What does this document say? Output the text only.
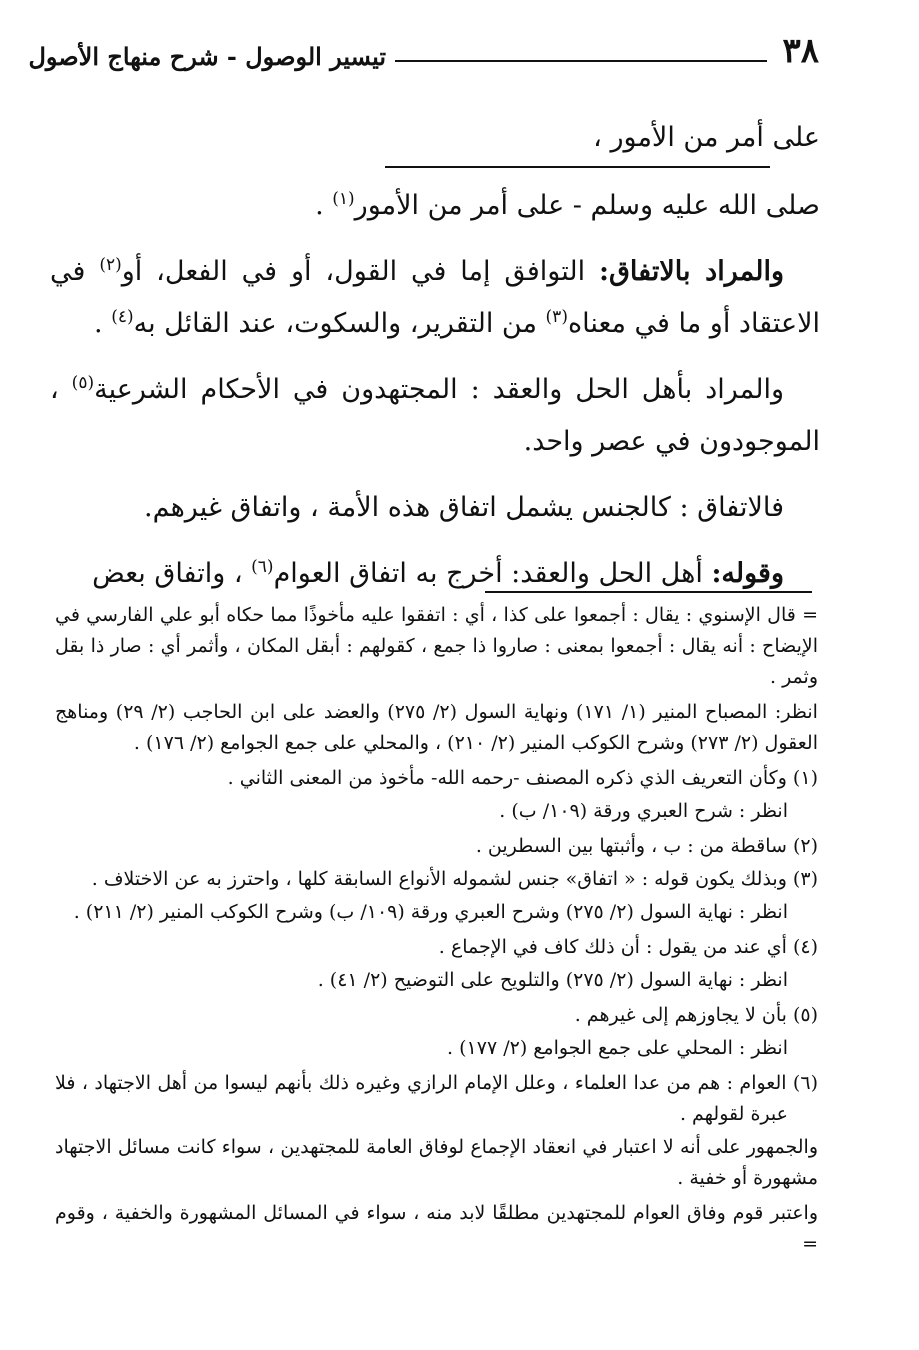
٣٨
تيسير الوصول - شرح منهاج الأصول

على أمر من الأمور ،

صلى الله عليه وسلم - على أمر من الأمور$^{(١)}$ .

والمراد بالاتفاق: التوافق إما في القول، أو في الفعل، أو$^{(٢)}$ في الاعتقاد أو ما في معناه$^{(٣)}$ من التقرير، والسكوت، عند القائل به$^{(٤)}$ .

والمراد بأهل الحل والعقد : المجتهدون في الأحكام الشرعية$^{(٥)}$ ، الموجودون في عصر واحد.

فالاتفاق : كالجنس يشمل اتفاق هذه الأمة ، واتفاق غيرهم.

وقوله: أهل الحل والعقد: أخرج به اتفاق العوام$^{(٦)}$ ، واتفاق بعض

= قال الإسنوي : يقال : أجمعوا على كذا ، أي : اتفقوا عليه مأخوذًا مما حكاه أبو علي الفارسي في الإيضاح : أنه يقال : أجمعوا بمعنى : صاروا ذا جمع ، كقولهم : أبقل المكان ، وأثمر أي : صار ذا بقل وثمر .

انظر: المصباح المنير (١/ ١٧١) ونهاية السول (٢/ ٢٧٥) والعضد على ابن الحاجب (٢/ ٢٩) ومناهج العقول (٢/ ٢٧٣) وشرح الكوكب المنير (٢/ ٢١٠) ، والمحلي على جمع الجوامع (٢/ ١٧٦) .

(١) وكأن التعريف الذي ذكره المصنف -رحمه الله- مأخوذ من المعنى الثاني .

انظر : شرح العبري ورقة (١٠٩/ ب) .

(٢) ساقطة من : ب ، وأثبتها بين السطرين .

(٣) وبذلك يكون قوله : « اتفاق» جنس لشموله الأنواع السابقة كلها ، واحترز به عن الاختلاف .

انظر : نهاية السول (٢/ ٢٧٥) وشرح العبري ورقة (١٠٩/ ب) وشرح الكوكب المنير (٢/ ٢١١) .

(٤) أي عند من يقول : أن ذلك كاف في الإجماع .

انظر : نهاية السول (٢/ ٢٧٥) والتلويح على التوضيح (٢/ ٤١) .

(٥) بأن لا يجاوزهم إلى غيرهم .

انظر : المحلي على جمع الجوامع (٢/ ١٧٧) .

(٦) العوام : هم من عدا العلماء ، وعلل الإمام الرازي وغيره ذلك بأنهم ليسوا من أهل الاجتهاد ، فلا عبرة لقولهم .

والجمهور على أنه لا اعتبار في انعقاد الإجماع لوفاق العامة للمجتهدين ، سواء كانت مسائل الاجتهاد مشهورة أو خفية .

واعتبر قوم وفاق العوام للمجتهدين مطلقًا لابد منه ، سواء في المسائل المشهورة والخفية ، وقوم =
